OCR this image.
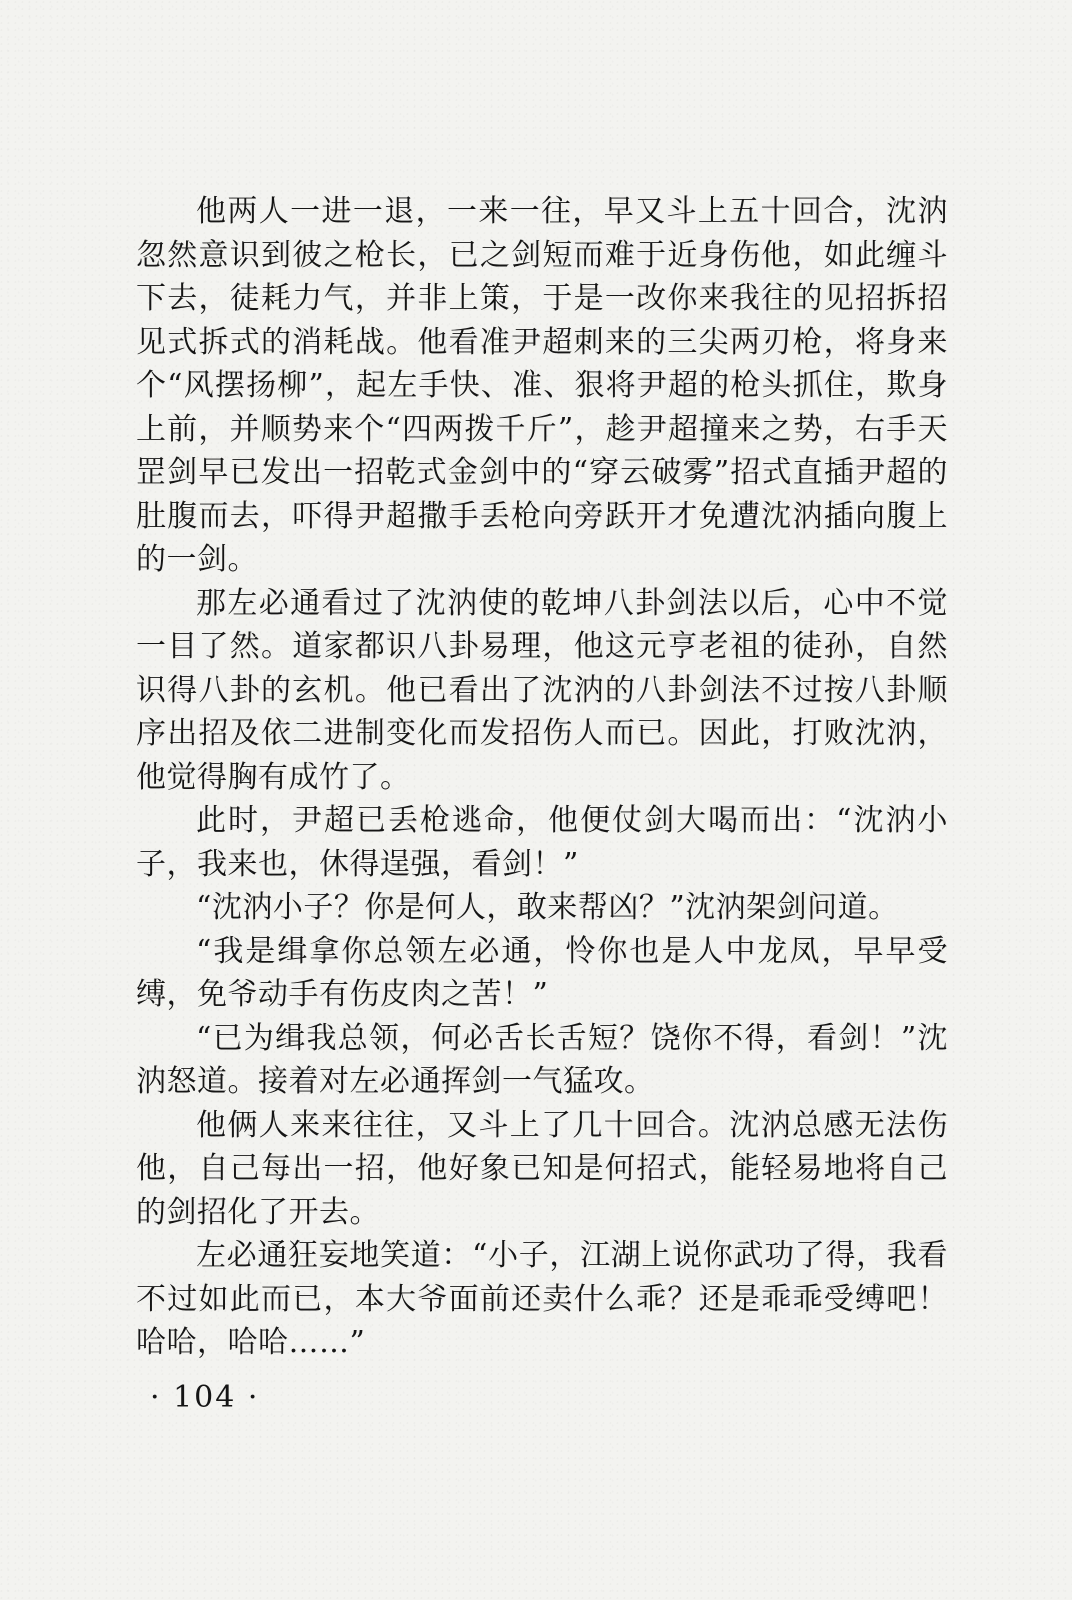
他两人一进一退，一来一往，早又斗上五十回合，沈汭忽然意识到彼之枪长，已之剑短而难于近身伤他，如此缠斗下去，徒耗力气，并非上策，于是一改你来我往的见招拆招见式拆式的消耗战。他看准尹超刺来的三尖两刃枪，将身来个“风摆扬柳”，起左手快、准、狠将尹超的枪头抓住，欺身上前，并顺势来个“四两拨千斤”，趁尹超撞来之势，右手天罡剑早已发出一招乾式金剑中的“穿云破雾”招式直插尹超的肚腹而去，吓得尹超撒手丢枪向旁跃开才免遭沈汭插向腹上的一剑。

那左必通看过了沈汭使的乾坤八卦剑法以后，心中不觉一目了然。道家都识八卦易理，他这元亨老祖的徒孙，自然识得八卦的玄机。他已看出了沈汭的八卦剑法不过按八卦顺序出招及依二进制变化而发招伤人而已。因此，打败沈汭，他觉得胸有成竹了。

此时，尹超已丢枪逃命，他便仗剑大喝而出：“沈汭小子，我来也，休得逞强，看剑！”

“沈汭小子？你是何人，敢来帮凶？”沈汭架剑问道。

“我是缉拿你总领左必通，怜你也是人中龙凤，早早受缚，免爷动手有伤皮肉之苦！”

“已为缉我总领，何必舌长舌短？饶你不得，看剑！”沈汭怒道。接着对左必通挥剑一气猛攻。

他俩人来来往往，又斗上了几十回合。沈汭总感无法伤他，自己每出一招，他好象已知是何招式，能轻易地将自己的剑招化了开去。

左必通狂妄地笑道：“小子，江湖上说你武功了得，我看不过如此而已，本大爷面前还卖什么乖？还是乖乖受缚吧！哈哈，哈哈……”

· 104 ·
